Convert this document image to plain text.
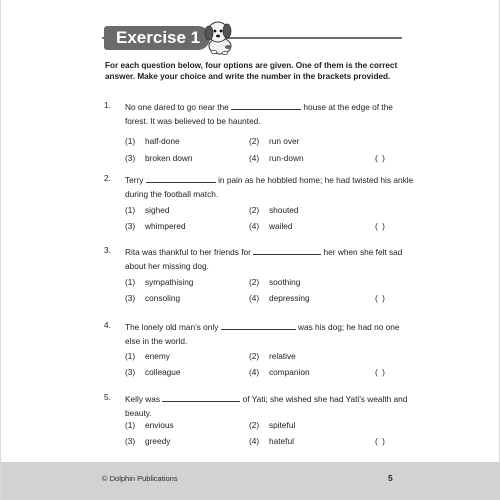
Exercise 1
For each question below, four options are given. One of them is the correct answer. Make your choice and write the number in the brackets provided.
1. No one dared to go near the	house at the edge of the forest. It was believed to be haunted.
(1) half-done	(2) run over
(3) broken down	(4) run-down	( )
2. Terry	in pain as he hobbled home; he had twisted his ankle during the football match.
(1) sighed	(2) shouted
(3) whimpered	(4) wailed	( )
3. Rita was thankful to her friends for	her when she felt sad about her missing dog.
(1) sympathising	(2) soothing
(3) consoling	(4) depressing	( )
4. The lonely old man's only	was his dog; he had no one else in the world.
(1) enemy	(2) relative
(3) colleague	(4) companion	( )
5. Kelly was	of Yati; she wished she had Yati's wealth and beauty.
(1) envious	(2) spiteful
(3) greedy	(4) hateful	( )
© Dolphin Publications	5
